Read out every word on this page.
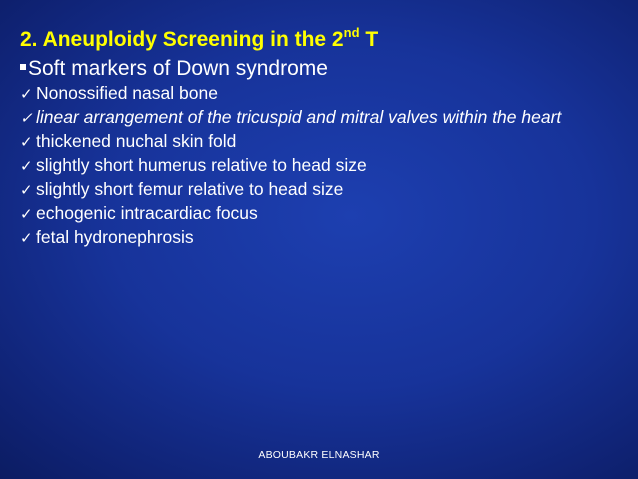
2. Aneuploidy Screening in the 2nd T
Soft markers of Down syndrome
✓ Nonossified nasal bone
✓ linear arrangement of the tricuspid and mitral valves within the heart
✓ thickened nuchal skin fold
✓ slightly short humerus relative to head size
✓ slightly short femur relative to head size
✓ echogenic intracardiac focus
✓ fetal hydronephrosis
ABOUBAKR ELNASHAR
